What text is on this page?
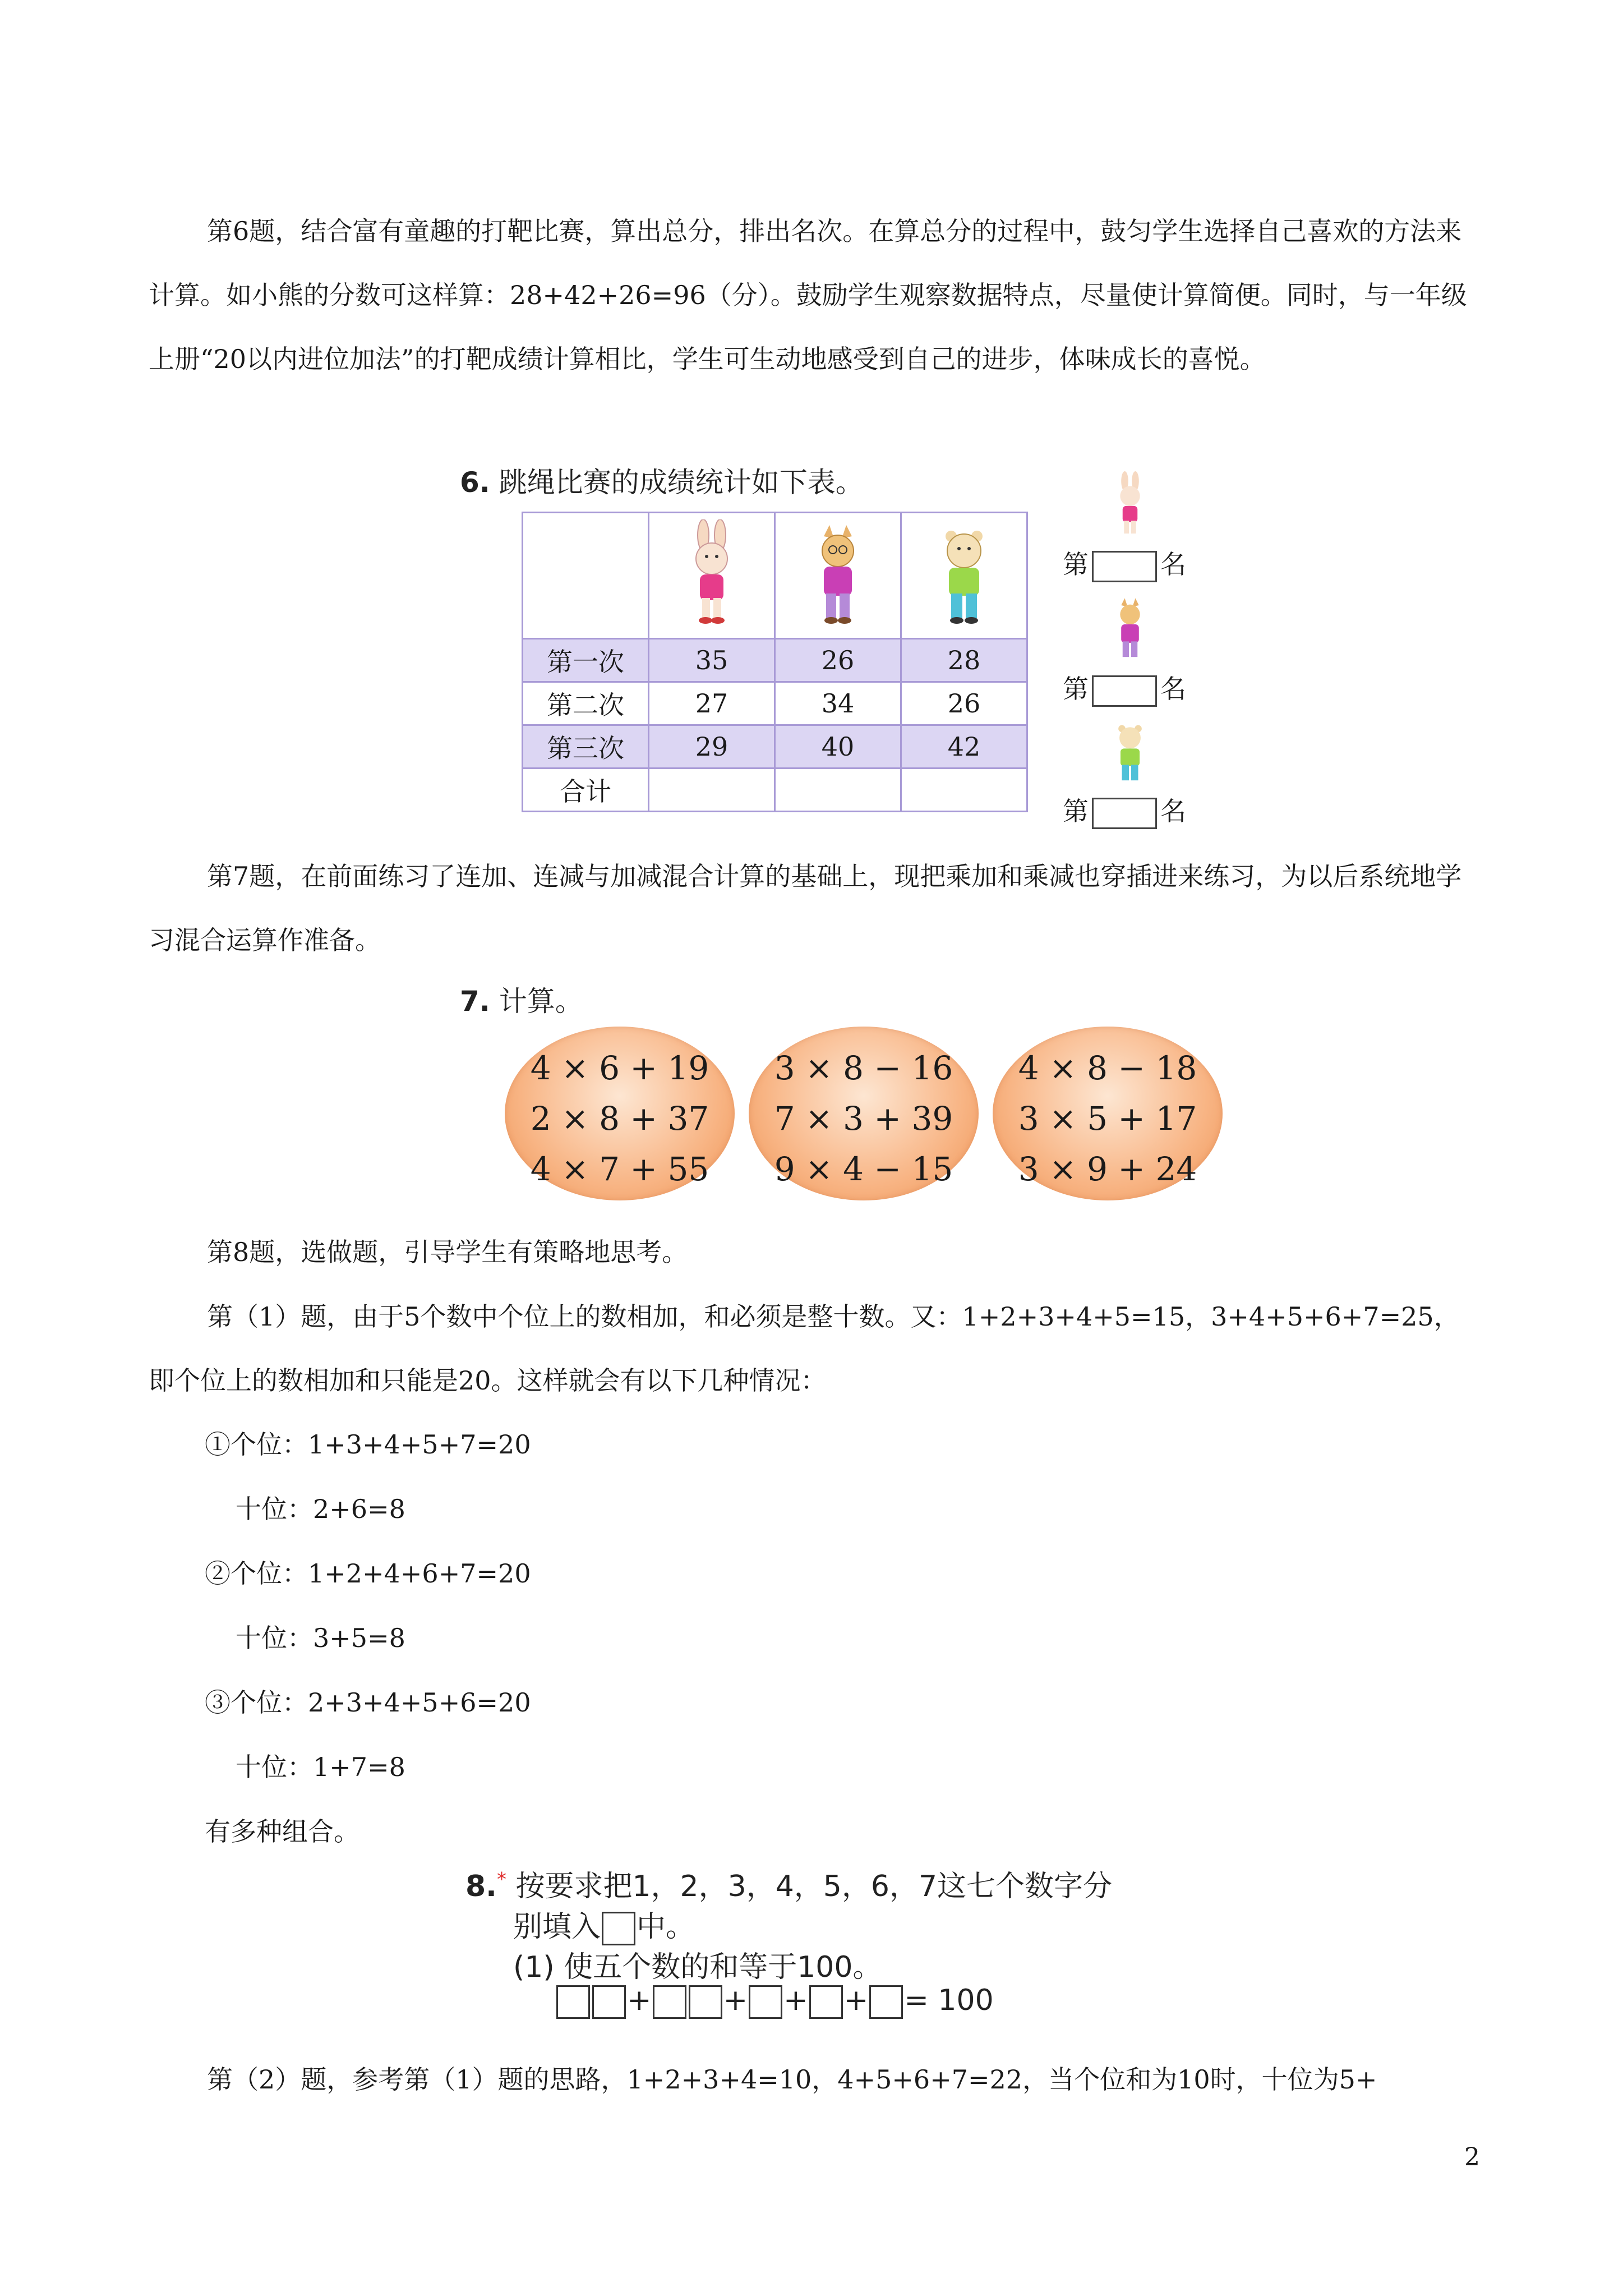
第6题，结合富有童趣的打靶比赛，算出总分，排出名次。在算总分的过程中，鼓匀学生选择自己喜欢的方法来计算。如小熊的分数可这样算：28+42+26=96（分）。鼓励学生观察数据特点，尽量使计算简便。同时，与一年级上册“20以内进位加法”的打靶成绩计算相比，学生可生动地感受到自己的进步，体味成长的喜悦。

6. 跳绳比赛的成绩统计如下表。

第一次	35	26	28
第二次	27	34	26
第三次	29	40	42
合计			
第	名
第	名
第	名

第7题，在前面练习了连加、连减与加减混合计算的基础上，现把乘加和乘减也穿插进来练习，为以后系统地学习混合运算作准备。

7. 计算。
4 × 6 + 19
2 × 8 + 37
4 × 7 + 55
3 × 8 − 16
7 × 3 + 39
9 × 4 − 15
4 × 8 − 18
3 × 5 + 17
3 × 9 + 24

第8题，选做题，引导学生有策略地思考。

第（1）题，由于5个数中个位上的数相加，和必须是整十数。又：1+2+3+4+5=15，3+4+5+6+7=25，即个位上的数相加和只能是20。这样就会有以下几种情况：

①个位：1+3+4+5+7=20
十位：2+6=8
②个位：1+2+4+6+7=20
十位：3+5=8
③个位：2+3+4+5+6=20
十位：1+7=8
有多种组合。
8.* 按要求把1，2，3，4，5，6，7这七个数字分
别填入 中。
(1) 使五个数的和等于100。
+ + + + = 100

第（2）题，参考第（1）题的思路，1+2+3+4=10，4+5+6+7=22，当个位和为10时，十位为5+

2
